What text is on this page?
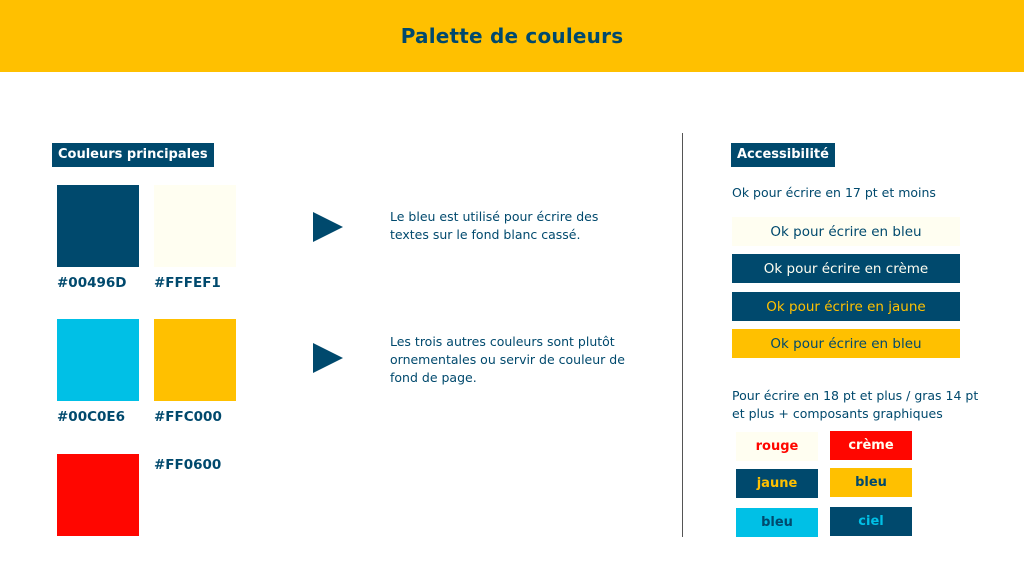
Palette de couleurs
Couleurs principales
#00496D #FFFEF1
#00C0E6 #FFC000
#FF0600
Le bleu est utilisé pour écrire des textes sur le fond blanc cassé.
Les trois autres couleurs sont plutôt ornementales ou servir de couleur de fond de page.
Accessibilité
Ok pour écrire en 17 pt et moins
Ok pour écrire en bleu
Ok pour écrire en crème
Ok pour écrire en jaune
Ok pour écrire en bleu
Pour écrire en 18 pt et plus / gras 14 pt et plus + composants graphiques
rouge	crème
jaune	bleu
bleu	ciel
